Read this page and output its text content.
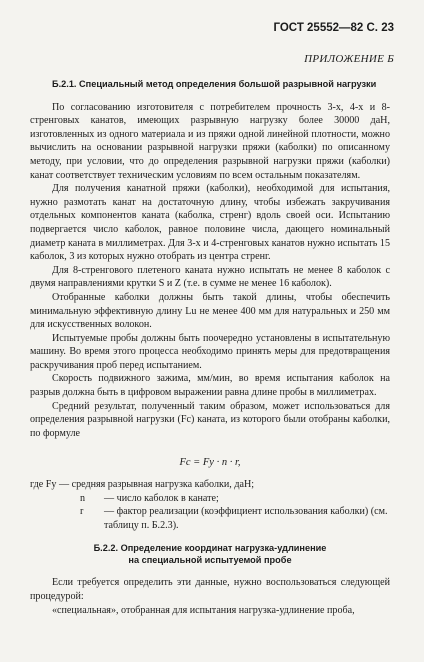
ГОСТ 25552—82 С. 23
ПРИЛОЖЕНИЕ Б
Б.2.1. Специальный метод определения большой разрывной нагрузки

По согласованию изготовителя с потребителем прочность 3-х, 4-х и 8-стренговых канатов, имеющих разрывную нагрузку более 30000 даН, изготовленных из одного материала и из пряжи одной линейной плотности, можно вычислить на основании разрывной нагрузки пряжи (каболки) по описанному методу, при условии, что до определения разрывной нагрузки пряжи (каболки) канат соответствует техническим условиям по всем остальным показателям.

Для получения канатной пряжи (каболки), необходимой для испытания, нужно размотать канат на достаточную длину, чтобы избежать закручивания отдельных компонентов каната (каболка, стренг) вдоль своей оси. Испытанию подвергается число каболок, равное половине числа, дающего номинальный диаметр каната в миллиметрах. Для 3-х и 4-стренговых канатов нужно испытать 15 каболок, 3 из которых нужно отобрать из центра стренг.

Для 8-стренгового плетеного каната нужно испытать не менее 8 каболок с двумя направлениями крутки S и Z (т.е. в сумме не менее 16 каболок).

Отобранные каболки должны быть такой длины, чтобы обеспечить минимальную эффективную длину Lu не менее 400 мм для натуральных и 250 мм для искусственных волокон.

Испытуемые пробы должны быть поочередно установлены в испытательную машину. Во время этого процесса необходимо принять меры для предотвращения раскручивания проб перед испытанием.

Скорость подвижного зажима, мм/мин, во время испытания каболок на разрыв должна быть в цифровом выражении равна длине пробы в миллиметрах.

Средний результат, полученный таким образом, может использоваться для определения разрывной нагрузки (Fc) каната, из которого были отобраны каболки, по формуле

Fc = Fy · n · r,
где Fy — средняя разрывная нагрузка каболки, даН;
n	— число каболок в канате;
r	— фактор реализации (коэффициент использования каболки) (см. таблицу п. Б.2.3).
Б.2.2. Определение координат нагрузка-удлинение
на специальной испытуемой пробе

Если требуется определить эти данные, нужно воспользоваться следующей процедурой:

«специальная», отобранная для испытания нагрузка-удлинение проба,
